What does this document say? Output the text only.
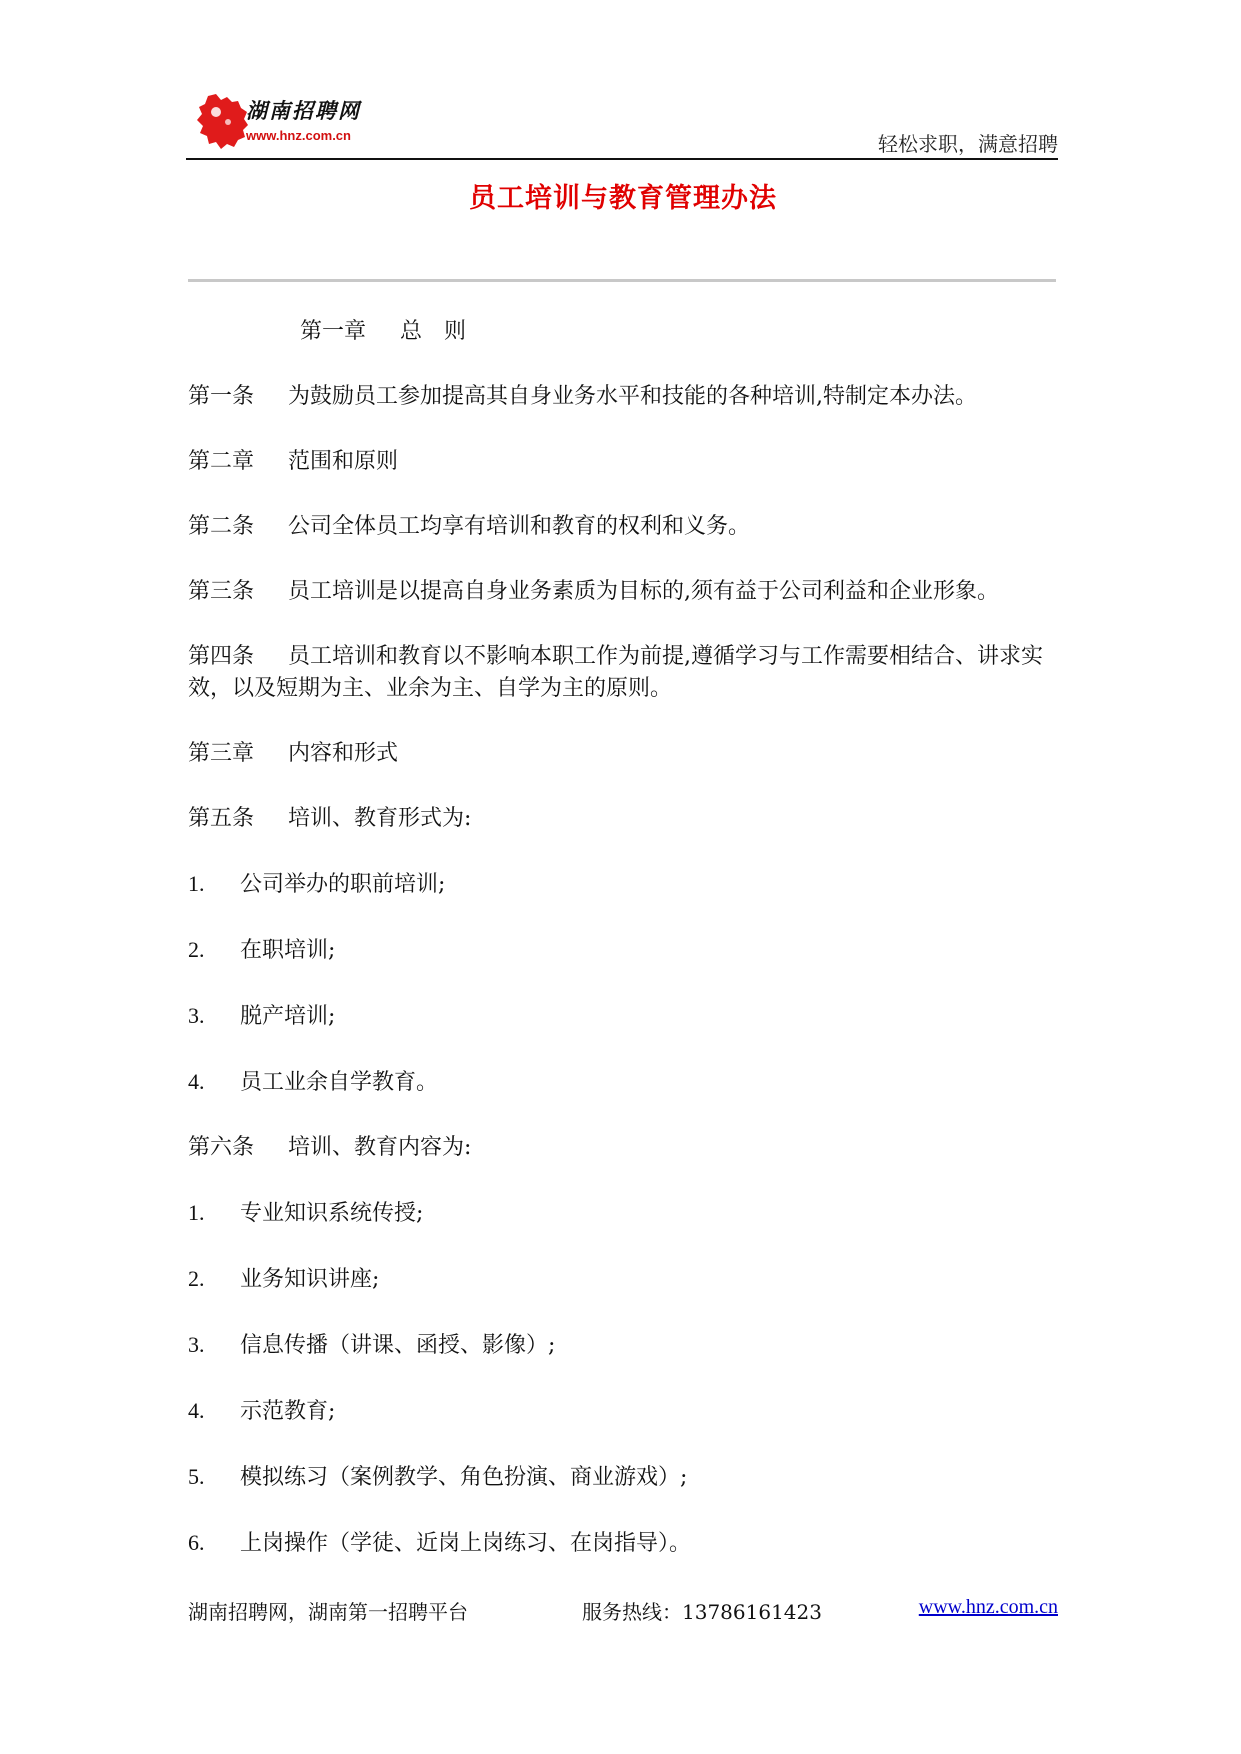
湖南招聘网
www.hnz.com.cn	轻松求职，满意招聘
员工培训与教育管理办法

第一章 总　则

第一条 为鼓励员工参加提高其自身业务水平和技能的各种培训,特制定本办法。

第二章 范围和原则

第二条 公司全体员工均享有培训和教育的权利和义务。

第三条 员工培训是以提高自身业务素质为目标的,须有益于公司利益和企业形象。

第四条 员工培训和教育以不影响本职工作为前提,遵循学习与工作需要相结合、讲求实效，以及短期为主、业余为主、自学为主的原则。

第三章 内容和形式

第五条 培训、教育形式为:

1. 公司举办的职前培训;

2. 在职培训;

3. 脱产培训;

4. 员工业余自学教育。

第六条 培训、教育内容为:

1. 专业知识系统传授;

2. 业务知识讲座;

3. 信息传播（讲课、函授、影像）;

4. 示范教育;

5. 模拟练习（案例教学、角色扮演、商业游戏）;

6. 上岗操作（学徒、近岗上岗练习、在岗指导）。

湖南招聘网，湖南第一招聘平台	服务热线：13786161423	www.hnz.com.cn
